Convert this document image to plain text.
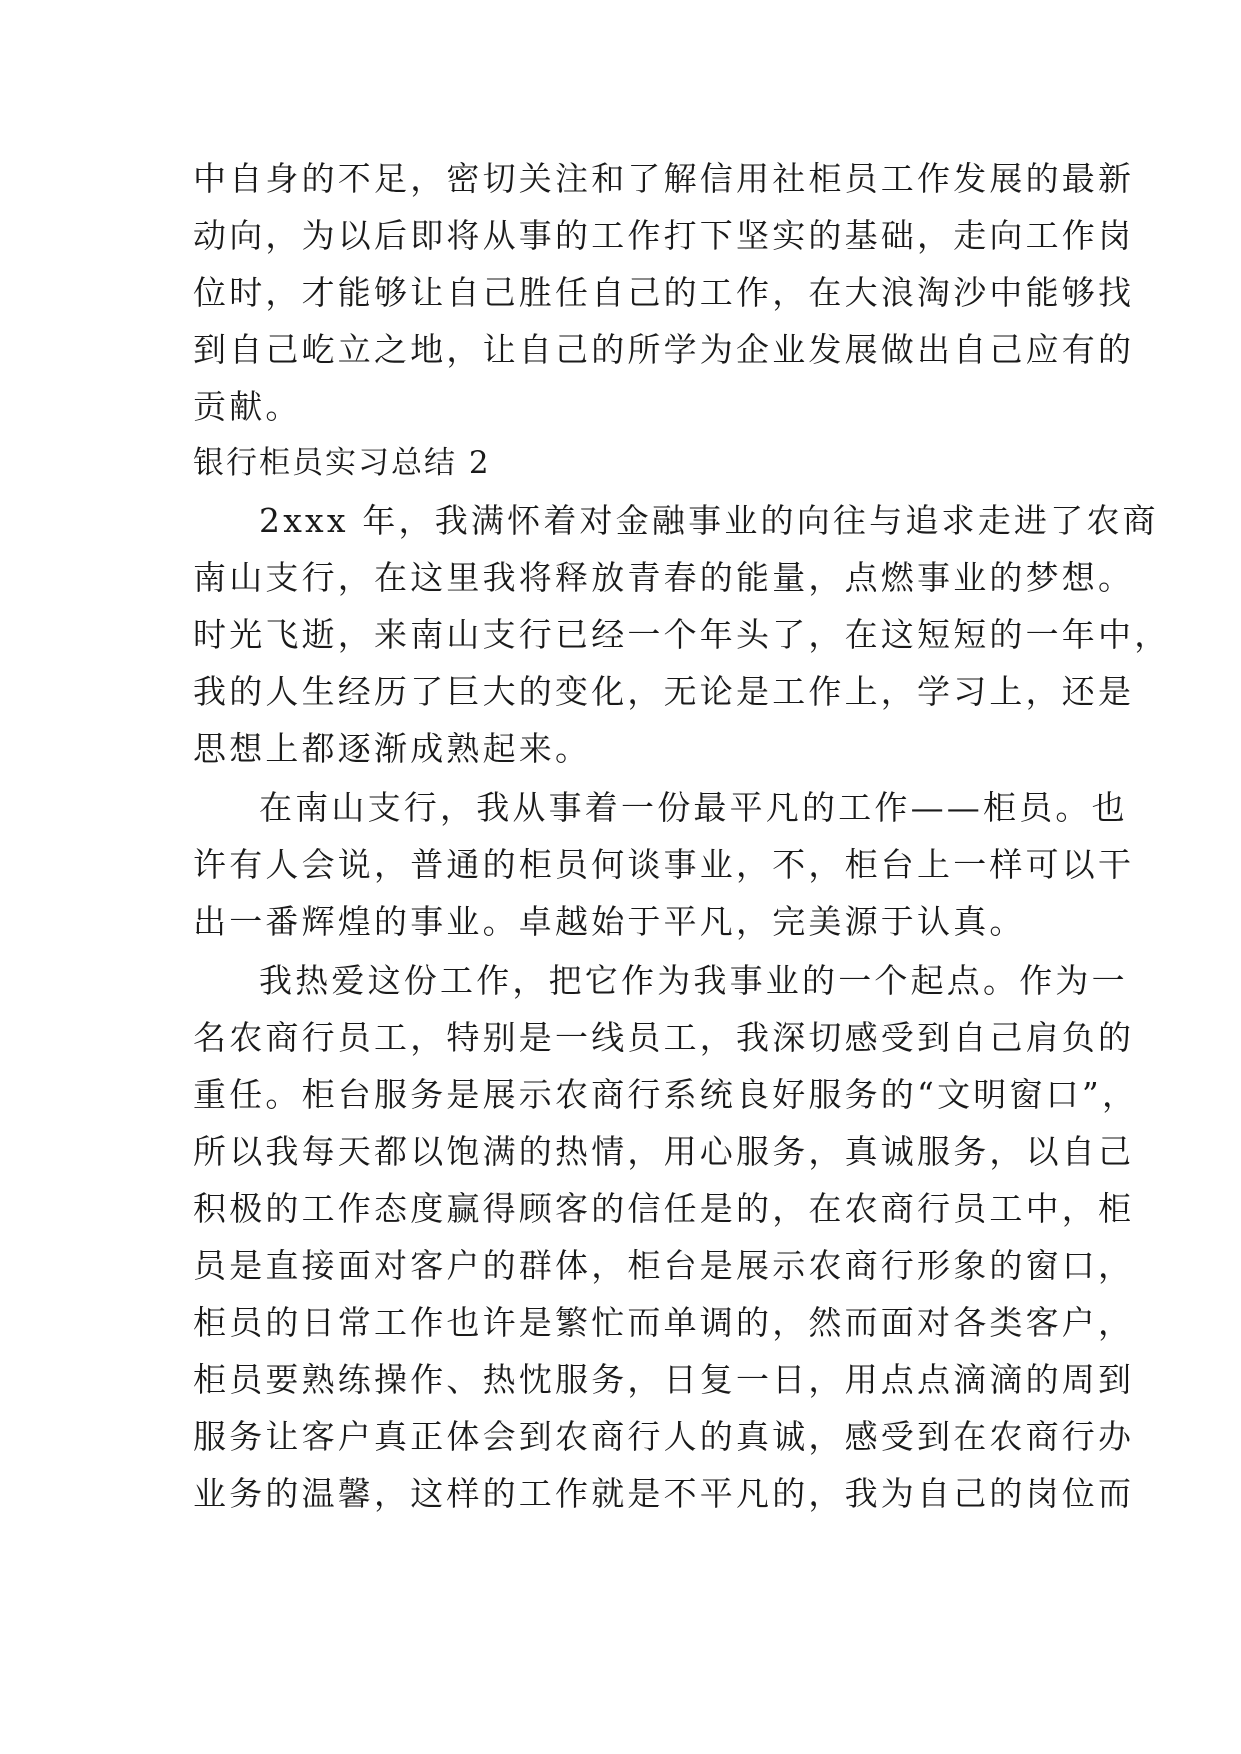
中自身的不足，密切关注和了解信用社柜员工作发展的最新
动向，为以后即将从事的工作打下坚实的基础，走向工作岗
位时，才能够让自己胜任自己的工作，在大浪淘沙中能够找
到自己屹立之地，让自己的所学为企业发展做出自己应有的
贡献。
银行柜员实习总结 2
2xxx 年，我满怀着对金融事业的向往与追求走进了农商
南山支行，在这里我将释放青春的能量，点燃事业的梦想。
时光飞逝，来南山支行已经一个年头了，在这短短的一年中，
我的人生经历了巨大的变化，无论是工作上，学习上，还是
思想上都逐渐成熟起来。
在南山支行，我从事着一份最平凡的工作——柜员。也
许有人会说，普通的柜员何谈事业，不，柜台上一样可以干
出一番辉煌的事业。卓越始于平凡，完美源于认真。
我热爱这份工作，把它作为我事业的一个起点。作为一
名农商行员工，特别是一线员工，我深切感受到自己肩负的
重任。柜台服务是展示农商行系统良好服务的“文明窗口”，
所以我每天都以饱满的热情，用心服务，真诚服务，以自己
积极的工作态度赢得顾客的信任是的，在农商行员工中，柜
员是直接面对客户的群体，柜台是展示农商行形象的窗口，
柜员的日常工作也许是繁忙而单调的，然而面对各类客户，
柜员要熟练操作、热忱服务，日复一日，用点点滴滴的周到
服务让客户真正体会到农商行人的真诚，感受到在农商行办
业务的温馨，这样的工作就是不平凡的，我为自己的岗位而
